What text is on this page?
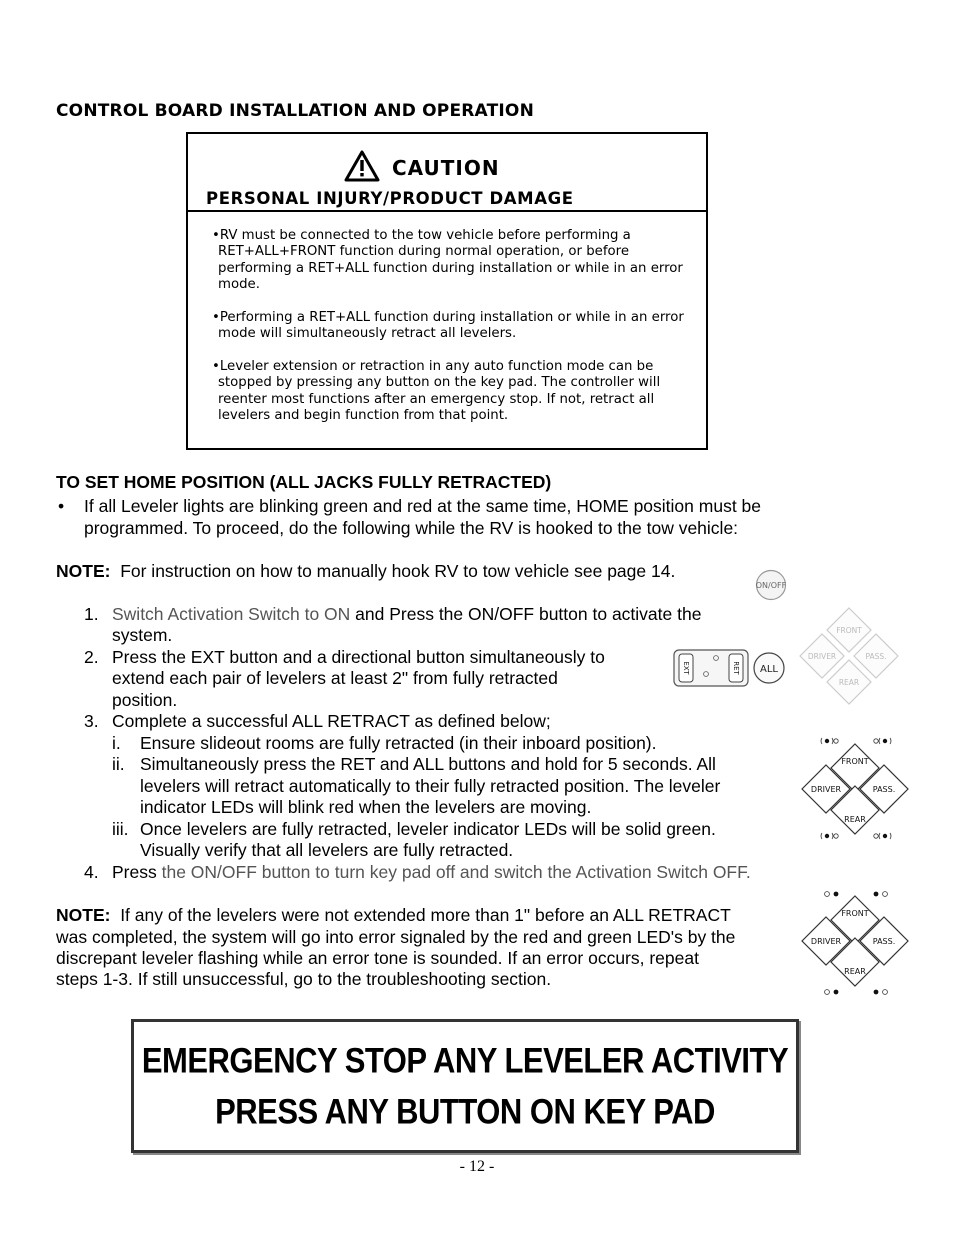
CONTROL BOARD INSTALLATION AND OPERATION
CAUTION
PERSONAL INJURY/PRODUCT DAMAGE

•RV must be connected to the tow vehicle before performing a RET+ALL+FRONT function during normal operation, or before performing a RET+ALL function during installation or while in an error mode.

•Performing a RET+ALL function during installation or while in an error mode will simultaneously retract all levelers.

•Leveler extension or retraction in any auto function mode can be stopped by pressing any button on the key pad. The controller will reenter most functions after an emergency stop. If not, retract all levelers and begin function from that point.

TO SET HOME POSITION (ALL JACKS FULLY RETRACTED)
• If all Leveler lights are blinking green and red at the same time, HOME position must be programmed. To proceed, do the following while the RV is hooked to the tow vehicle:
NOTE: For instruction on how to manually hook RV to tow vehicle see page 14.
1. Switch Activation Switch to ON and Press the ON/OFF button to activate the
system.
2. Press the EXT button and a directional button simultaneously to
extend each pair of levelers at least 2" from fully retracted
position.
3. Complete a successful ALL RETRACT as defined below;
i. Ensure slideout rooms are fully retracted (in their inboard position).
ii. Simultaneously press the RET and ALL buttons and hold for 5 seconds. All
levelers will retract automatically to their fully retracted position. The leveler
indicator LEDs will blink red when the levelers are moving.
iii. Once levelers are fully retracted, leveler indicator LEDs will be solid green.
Visually verify that all levelers are fully retracted.
4. Press the ON/OFF button to turn key pad off and switch the Activation Switch OFF.
NOTE: If any of the levelers were not extended more than 1" before an ALL RETRACT
was completed, the system will go into error signaled by the red and green LED's by the
discrepant leveler flashing while an error tone is sounded. If an error occurs, repeat
steps 1-3. If still unsuccessful, go to the troubleshooting section.
EMERGENCY STOP ANY LEVELER ACTIVITY
PRESS ANY BUTTON ON KEY PAD
- 12 -
ON/OFF
EXT	RET ALL
FRONT
DRIVER	PASS.
REAR
FRONT
DRIVER	PASS.
REAR
FRONT
DRIVER	PASS.
REAR
